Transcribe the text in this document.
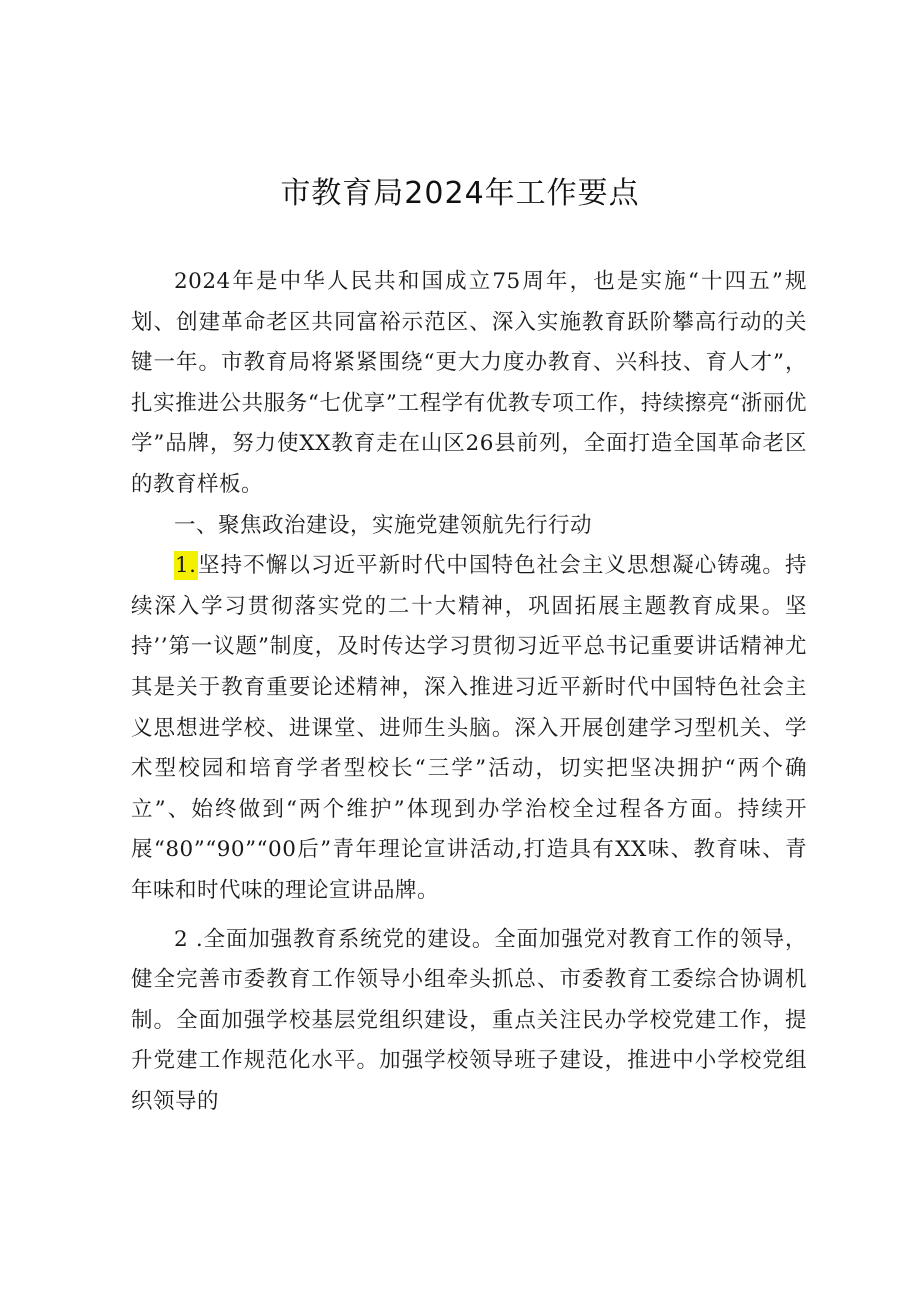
市教育局2024年工作要点

2024年是中华人民共和国成立75周年，也是实施“十四五”规划、创建革命老区共同富裕示范区、深入实施教育跃阶攀高行动的关键一年。市教育局将紧紧围绕“更大力度办教育、兴科技、育人才”，扎实推进公共服务“七优享”工程学有优教专项工作，持续擦亮“浙丽优学”品牌，努力使XX教育走在山区26县前列，全面打造全国革命老区的教育样板。

一、聚焦政治建设，实施党建领航先行行动

1.坚持不懈以习近平新时代中国特色社会主义思想凝心铸魂。持续深入学习贯彻落实党的二十大精神，巩固拓展主题教育成果。坚持’’第一议题”制度，及时传达学习贯彻习近平总书记重要讲话精神尤其是关于教育重要论述精神，深入推进习近平新时代中国特色社会主义思想进学校、进课堂、进师生头脑。深入开展创建学习型机关、学术型校园和培育学者型校长“三学”活动，切实把坚决拥护“两个确立”、始终做到“两个维护”体现到办学治校全过程各方面。持续开展“80”“90”“00后”青年理论宣讲活动,打造具有XX味、教育味、青年味和时代味的理论宣讲品牌。

2 .全面加强教育系统党的建设。全面加强党对教育工作的领导，健全完善市委教育工作领导小组牵头抓总、市委教育工委综合协调机制。全面加强学校基层党组织建设，重点关注民办学校党建工作，提升党建工作规范化水平。加强学校领导班子建设，推进中小学校党组织领导的
